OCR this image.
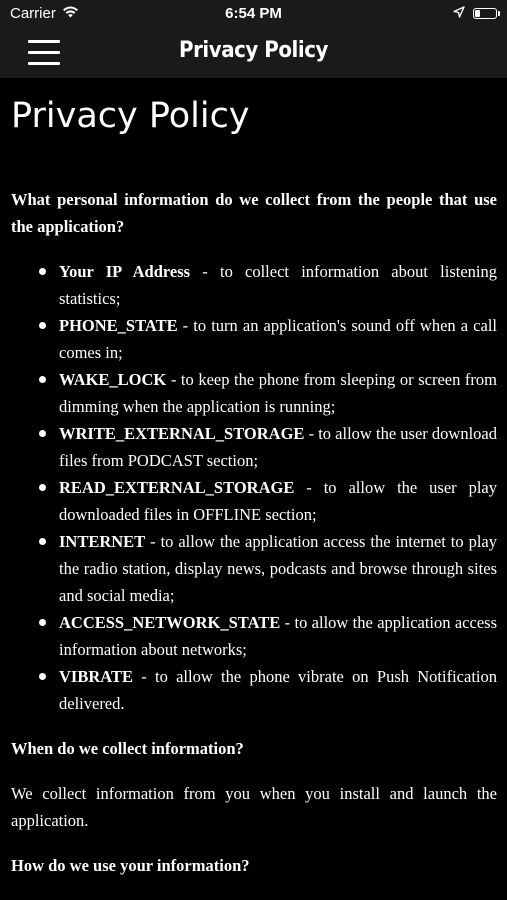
Carrier	6:54 PM
Privacy Policy
Privacy Policy

What personal information do we collect from the people that use the application?

Your IP Address - to collect information about listening statistics;
PHONE_STATE - to turn an application's sound off when a call comes in;
WAKE_LOCK - to keep the phone from sleeping or screen from dimming when the application is running;
WRITE_EXTERNAL_STORAGE - to allow the user download files from PODCAST section;
READ_EXTERNAL_STORAGE - to allow the user play downloaded files in OFFLINE section;
INTERNET - to allow the application access the internet to play the radio station, display news, podcasts and browse through sites and social media;
ACCESS_NETWORK_STATE - to allow the application access information about networks;
VIBRATE - to allow the phone vibrate on Push Notification delivered.

When do we collect information?

We collect information from you when you install and launch the application.

How do we use your information?
